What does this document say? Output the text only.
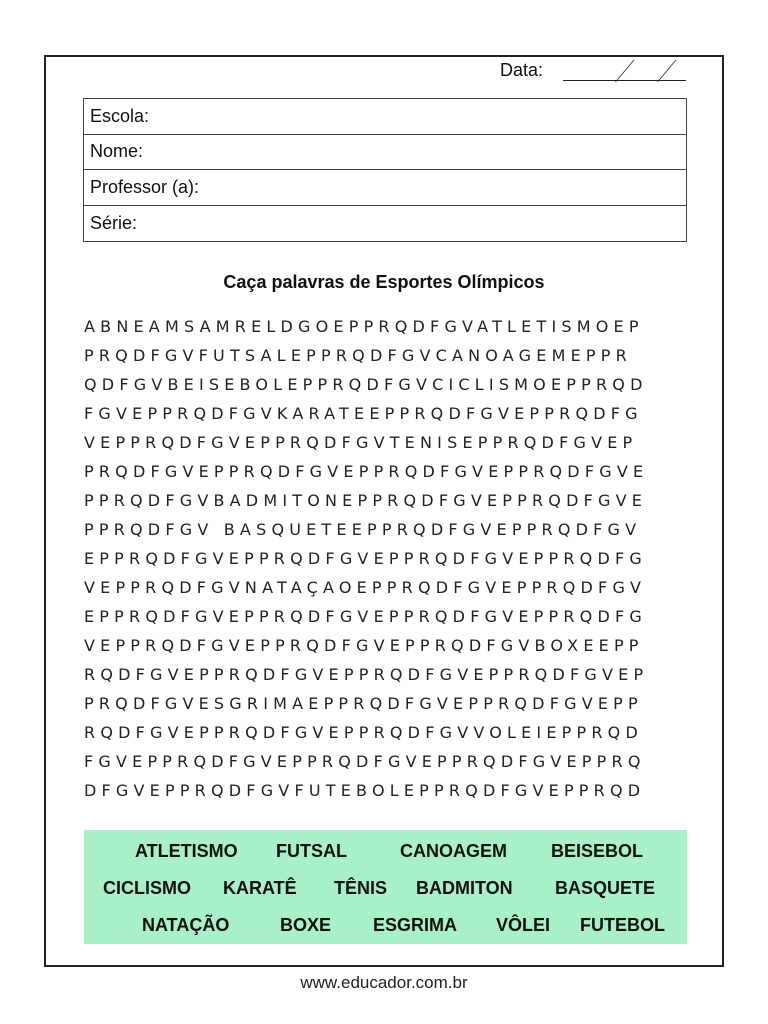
Data:
Escola:
Nome:
Professor (a):
Série:
Caça palavras de Esportes Olímpicos
ABNEAMSAMRELDGOEPPRQDFGVATLETISMOEP
PRQDFGVFUTSALEPPRQDFGVCANOAGEMEPPR
QDFGVBEISEBOLEPPRQDFGVCICLISMOEPPRQD
FGVEPPRQDFGVKARATEEPPRQDFGVEPPRQDFG
VEPPRQDFGVEPPRQDFGVTENISEPPRQDFGVEP
PRQDFGVEPPRQDFGVEPPRQDFGVEPPRQDFGVE
PPRQDFGVBADMITONEPPRQDFGVEPPRQDFGVE
PPRQDFGV BASQUETEEPPRQDFGVEPPRQDFGV
EPPRQDFGVEPPRQDFGVEPPRQDFGVEPPRQDFG
VEPPRQDFGVNATAÇAOEPPRQDFGVEPPRQDFGV
EPPRQDFGVEPPRQDFGVEPPRQDFGVEPPRQDFG
VEPPRQDFGVEPPRQDFGVEPPRQDFGVBOXEEPP
RQDFGVEPPRQDFGVEPPRQDFGVEPPRQDFGVEP
PRQDFGVESGRIMAEPPRQDFGVEPPRQDFGVEPP
RQDFGVEPPRQDFGVEPPRQDFGVVOLEIEPPRQD
FGVEPPRQDFGVEPPRQDFGVEPPRQDFGVEPPRQ
DFGVEPPRQDFGVFUTEBOLEPPRQDFGVEPPRQD
ATLETISMO FUTSAL	CANOAGEM BEISEBOL
CICLISMO KARATÊ TÊNIS BADMITON BASQUETE
NATAÇÃO	BOXE ESGRIMA VÔLEI FUTEBOL
www.educador.com.br
